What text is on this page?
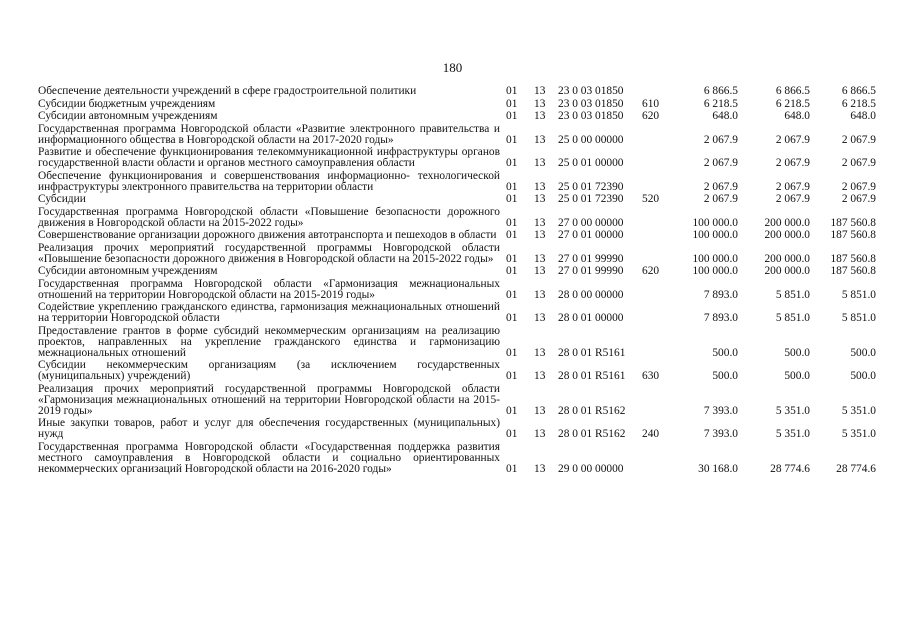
180
Обеспечение деятельности учреждений в сфере градостроительной политики	01	13	23 0 03 01850		6 866.5	6 866.5	6 866.5
Субсидии бюджетным учреждениям	01	13	23 0 03 01850	610	6 218.5	6 218.5	6 218.5
Субсидии автономным учреждениям	01	13	23 0 03 01850	620	648.0	648.0	648.0
Государственная программа Новгородской области «Развитие электронного правительства и информационного общества в Новгородской области на 2017-2020 годы»	01	13	25 0 00 00000		2 067.9	2 067.9	2 067.9
Развитие и обеспечение функционирования телекоммуникационной инфраструктуры органов государственной власти области и органов местного самоуправления области	01	13	25 0 01 00000		2 067.9	2 067.9	2 067.9
Обеспечение функционирования и совершенствования информационно- технологической инфраструктуры электронного правительства на территории области	01	13	25 0 01 72390		2 067.9	2 067.9	2 067.9
Субсидии	01	13	25 0 01 72390	520	2 067.9	2 067.9	2 067.9
Государственная программа Новгородской области «Повышение безопасности дорожного движения в Новгородской области на 2015-2022 годы»	01	13	27 0 00 00000		100 000.0	200 000.0	187 560.8
Совершенствование организации дорожного движения автотранспорта и пешеходов в области	01	13	27 0 01 00000		100 000.0	200 000.0	187 560.8
Реализация прочих мероприятий государственной программы Новгородской области «Повышение безопасности дорожного движения в Новгородской области на 2015-2022 годы»	01	13	27 0 01 99990		100 000.0	200 000.0	187 560.8
Субсидии автономным учреждениям	01	13	27 0 01 99990	620	100 000.0	200 000.0	187 560.8
Государственная программа Новгородской области «Гармонизация межнациональных отношений на территории Новгородской области на 2015-2019 годы»	01	13	28 0 00 00000		7 893.0	5 851.0	5 851.0
Содействие укреплению гражданского единства, гармонизация межнациональных отношений на территории Новгородской области	01	13	28 0 01 00000		7 893.0	5 851.0	5 851.0
Предоставление грантов в форме субсидий некоммерческим организациям на реализацию проектов, направленных на укрепление гражданского единства и гармонизацию межнациональных отношений	01	13	28 0 01 R5161		500.0	500.0	500.0
Субсидии некоммерческим организациям (за исключением государственных (муниципальных) учреждений)	01	13	28 0 01 R5161	630	500.0	500.0	500.0
Реализация прочих мероприятий государственной программы Новгородской области «Гармонизация межнациональных отношений на территории Новгородской области на 2015-2019 годы»	01	13	28 0 01 R5162		7 393.0	5 351.0	5 351.0
Иные закупки товаров, работ и услуг для обеспечения государственных (муниципальных) нужд	01	13	28 0 01 R5162	240	7 393.0	5 351.0	5 351.0
Государственная программа Новгородской области «Государственная поддержка развития местного самоуправления в Новгородской области и социально ориентированных некоммерческих организаций Новгородской области на 2016-2020 годы»	01	13	29 0 00 00000		30 168.0	28 774.6	28 774.6
